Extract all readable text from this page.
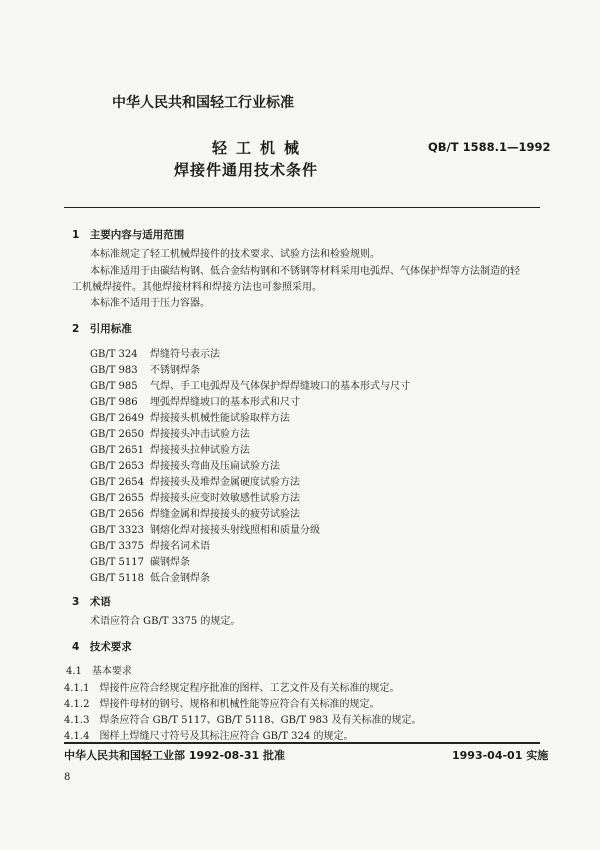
中华人民共和国轻工行业标准
轻工机械
焊接件通用技术条件
QB/T 1588.1—1992
1　主要内容与适用范围
本标准规定了轻工机械焊接件的技术要求、试验方法和检验规则。
本标准适用于由碳结构钢、低合金结构钢和不锈钢等材料采用电弧焊、气体保护焊等方法制造的轻
工机械焊接件。其他焊接材料和焊接方法也可参照采用。
本标准不适用于压力容器。
2　引用标准
GB/T 324 焊缝符号表示法
GB/T 983 不锈钢焊条
GB/T 985 气焊、手工电弧焊及气体保护焊焊缝坡口的基本形式与尺寸
GB/T 986 埋弧焊焊缝坡口的基本形式和尺寸
GB/T 2649 焊接接头机械性能试验取样方法
GB/T 2650 焊接接头冲击试验方法
GB/T 2651 焊接接头拉伸试验方法
GB/T 2653 焊接接头弯曲及压扁试验方法
GB/T 2654 焊接接头及堆焊金属硬度试验方法
GB/T 2655 焊接接头应变时效敏感性试验方法
GB/T 2656 焊缝金属和焊接接头的疲劳试验法
GB/T 3323 钢熔化焊对接接头射线照相和质量分级
GB/T 3375 焊接名词术语
GB/T 5117 碳钢焊条
GB/T 5118 低合金钢焊条
3　术语
术语应符合 GB/T 3375 的规定。
4　技术要求
4.1　基本要求
4.1.1　焊接件应符合经规定程序批准的图样、工艺文件及有关标准的规定。
4.1.2　焊接件母材的钢号、规格和机械性能等应符合有关标准的规定。
4.1.3　焊条应符合 GB/T 5117、GB/T 5118、GB/T 983 及有关标准的规定。
4.1.4　图样上焊缝尺寸符号及其标注应符合 GB/T 324 的规定。
中华人民共和国轻工业部 1992-08-31 批准	1993-04-01 实施
8
